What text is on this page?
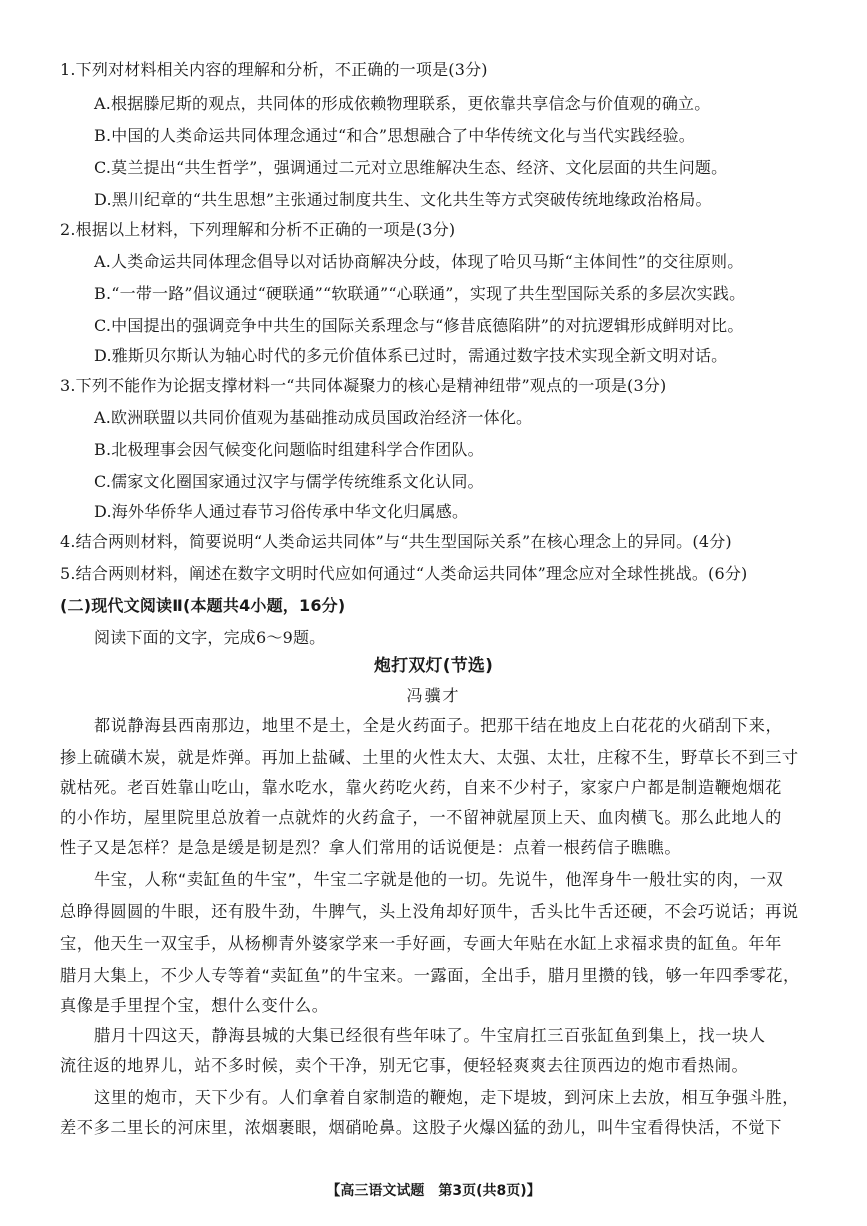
1.下列对材料相关内容的理解和分析，不正确的一项是(3分)
A.根据滕尼斯的观点，共同体的形成依赖物理联系，更依靠共享信念与价值观的确立。
B.中国的人类命运共同体理念通过“和合”思想融合了中华传统文化与当代实践经验。
C.莫兰提出“共生哲学”，强调通过二元对立思维解决生态、经济、文化层面的共生问题。
D.黑川纪章的“共生思想”主张通过制度共生、文化共生等方式突破传统地缘政治格局。
2.根据以上材料，下列理解和分析不正确的一项是(3分)
A.人类命运共同体理念倡导以对话协商解决分歧，体现了哈贝马斯“主体间性”的交往原则。
B.“一带一路”倡议通过“硬联通”“软联通”“心联通”，实现了共生型国际关系的多层次实践。
C.中国提出的强调竞争中共生的国际关系理念与“修昔底德陷阱”的对抗逻辑形成鲜明对比。
D.雅斯贝尔斯认为轴心时代的多元价值体系已过时，需通过数字技术实现全新文明对话。
3.下列不能作为论据支撑材料一“共同体凝聚力的核心是精神纽带”观点的一项是(3分)
A.欧洲联盟以共同价值观为基础推动成员国政治经济一体化。
B.北极理事会因气候变化问题临时组建科学合作团队。
C.儒家文化圈国家通过汉字与儒学传统维系文化认同。
D.海外华侨华人通过春节习俗传承中华文化归属感。
4.结合两则材料，简要说明“人类命运共同体”与“共生型国际关系”在核心理念上的异同。(4分)
5.结合两则材料，阐述在数字文明时代应如何通过“人类命运共同体”理念应对全球性挑战。(6分)
(二)现代文阅读Ⅱ(本题共4小题，16分)
阅读下面的文字，完成6～9题。
炮打双灯(节选)
冯骥才
都说静海县西南那边，地里不是土，全是火药面子。把那干结在地皮上白花花的火硝刮下来，
掺上硫磺木炭，就是炸弹。再加上盐碱、土里的火性太大、太强、太壮，庄稼不生，野草长不到三寸
就枯死。老百姓靠山吃山，靠水吃水，靠火药吃火药，自来不少村子，家家户户都是制造鞭炮烟花
的小作坊，屋里院里总放着一点就炸的火药盒子，一不留神就屋顶上天、血肉横飞。那么此地人的
性子又是怎样？是急是缓是韧是烈？拿人们常用的话说便是：点着一根药信子瞧瞧。
牛宝，人称“卖缸鱼的牛宝”，牛宝二字就是他的一切。先说牛，他浑身牛一般壮实的肉，一双
总睁得圆圆的牛眼，还有股牛劲，牛脾气，头上没角却好顶牛，舌头比牛舌还硬，不会巧说话；再说
宝，他天生一双宝手，从杨柳青外婆家学来一手好画，专画大年贴在水缸上求福求贵的缸鱼。年年
腊月大集上，不少人专等着“卖缸鱼”的牛宝来。一露面，全出手，腊月里攒的钱，够一年四季零花，
真像是手里捏个宝，想什么变什么。
腊月十四这天，静海县城的大集已经很有些年味了。牛宝肩扛三百张缸鱼到集上，找一块人
流往返的地界儿，站不多时候，卖个干净，别无它事，便轻轻爽爽去往顶西边的炮市看热闹。
这里的炮市，天下少有。人们拿着自家制造的鞭炮，走下堤坡，到河床上去放，相互争强斗胜，
差不多二里长的河床里，浓烟裹眼，烟硝呛鼻。这股子火爆凶猛的劲儿，叫牛宝看得快活，不觉下
【高三语文试题　第3页(共8页)】
